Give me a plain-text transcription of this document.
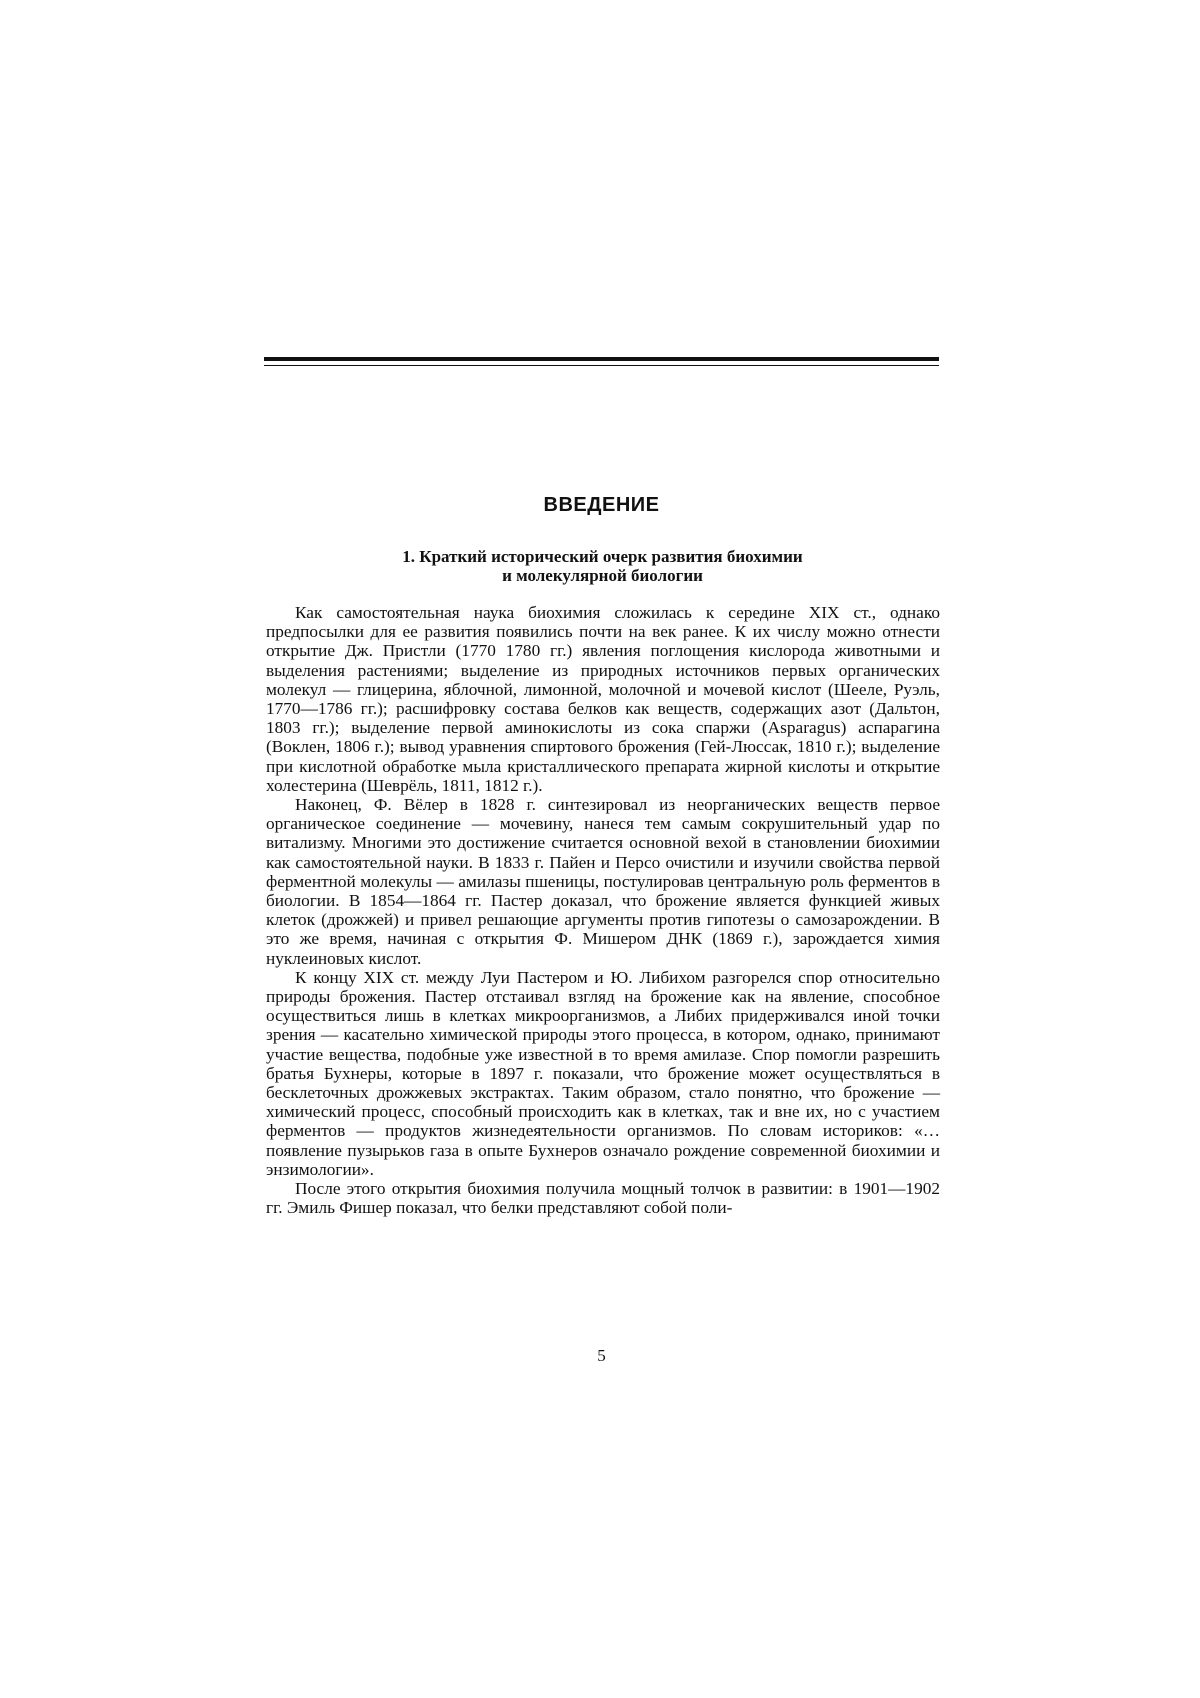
ВВЕДЕНИЕ
1. Краткий исторический очерк развития биохимии
и молекулярной биологии

Как самостоятельная наука биохимия сложилась к середине XIX ст., однако предпосылки для ее развития появились почти на век ранее. К их числу можно отнести открытие Дж. Пристли (1770 1780 гг.) явления поглощения кислорода животными и выделения растениями; выделение из природных источников первых органических молекул — глицерина, яблочной, лимонной, молочной и мочевой кислот (Шееле, Руэль, 1770—1786 гг.); расшифровку состава белков как веществ, содержащих азот (Дальтон, 1803 гг.); выделение первой аминокислоты из сока спаржи (Asparagus) аспарагина (Воклен, 1806 г.); вывод уравнения спиртового брожения (Гей-Люссак, 1810 г.); выделение при кислотной обработке мыла кристаллического препарата жирной кислоты и открытие холестерина (Шеврёль, 1811, 1812 г.).

Наконец, Ф. Вёлер в 1828 г. синтезировал из неорганических веществ первое органическое соединение — мочевину, нанеся тем самым сокрушительный удар по витализму. Многими это достижение считается основной вехой в становлении биохимии как самостоятельной науки. В 1833 г. Пайен и Персо очистили и изучили свойства первой ферментной молекулы — амилазы пшеницы, постулировав центральную роль ферментов в биологии. В 1854—1864 гг. Пастер доказал, что брожение является функцией живых клеток (дрожжей) и привел решающие аргументы против гипотезы о самозарождении. В это же время, начиная с открытия Ф. Мишером ДНК (1869 г.), зарождается химия нуклеиновых кислот.

К концу XIX ст. между Луи Пастером и Ю. Либихом разгорелся спор относительно природы брожения. Пастер отстаивал взгляд на брожение как на явление, способное осуществиться лишь в клетках микроорганизмов, а Либих придерживался иной точки зрения — касательно химической природы этого процесса, в котором, однако, принимают участие вещества, подобные уже известной в то время амилазе. Спор помогли разрешить братья Бухнеры, которые в 1897 г. показали, что брожение может осуществляться в бесклеточных дрожжевых экстрактах. Таким образом, стало понятно, что брожение — химический процесс, способный происходить как в клетках, так и вне их, но с участием ферментов — продуктов жизнедеятельности организмов. По словам историков: «…появление пузырьков газа в опыте Бухнеров означало рождение современной биохимии и энзимологии».

После этого открытия биохимия получила мощный толчок в развитии: в 1901—1902 гг. Эмиль Фишер показал, что белки представляют собой поли-

5
